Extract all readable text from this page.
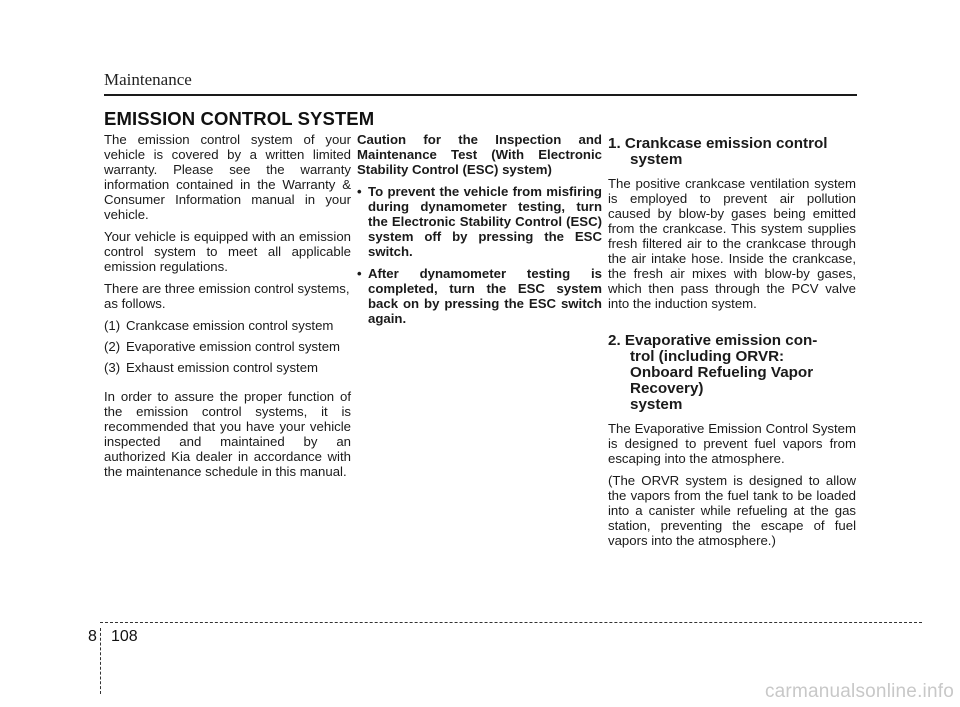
Maintenance
EMISSION CONTROL SYSTEM

The emission control system of your vehicle is covered by a written limited warranty. Please see the warranty information contained in the Warranty & Consumer Information manual in your vehicle.

Your vehicle is equipped with an emission control system to meet all applicable emission regulations.

There are three emission control systems, as follows.

(1) Crankcase emission control system
(2) Evaporative emission control system
(3) Exhaust emission control system

In order to assure the proper function of the emission control systems, it is recommended that you have your vehicle inspected and maintained by an authorized Kia dealer in accordance with the maintenance schedule in this manual.

Caution for the Inspection and Maintenance Test (With Electronic Stability Control (ESC) system)

• To prevent the vehicle from misfiring during dynamometer testing, turn the Electronic Stability Control (ESC) system off by pressing the ESC switch.
• After dynamometer testing is completed, turn the ESC system back on by pressing the ESC switch again.
1. Crankcase emission control
system

The positive crankcase ventilation system is employed to prevent air pollution caused by blow-by gases being emitted from the crankcase. This system supplies fresh filtered air to the crankcase through the air intake hose. Inside the crankcase, the fresh air mixes with blow-by gases, which then pass through the PCV valve into the induction system.

2. Evaporative emission con-
trol (including ORVR:
Onboard Refueling Vapor
Recovery)
system

The Evaporative Emission Control System is designed to prevent fuel vapors from escaping into the atmosphere.

(The ORVR system is designed to allow the vapors from the fuel tank to be loaded into a canister while refueling at the gas station, preventing the escape of fuel vapors into the atmosphere.)

8 108
carmanualsonline.info
